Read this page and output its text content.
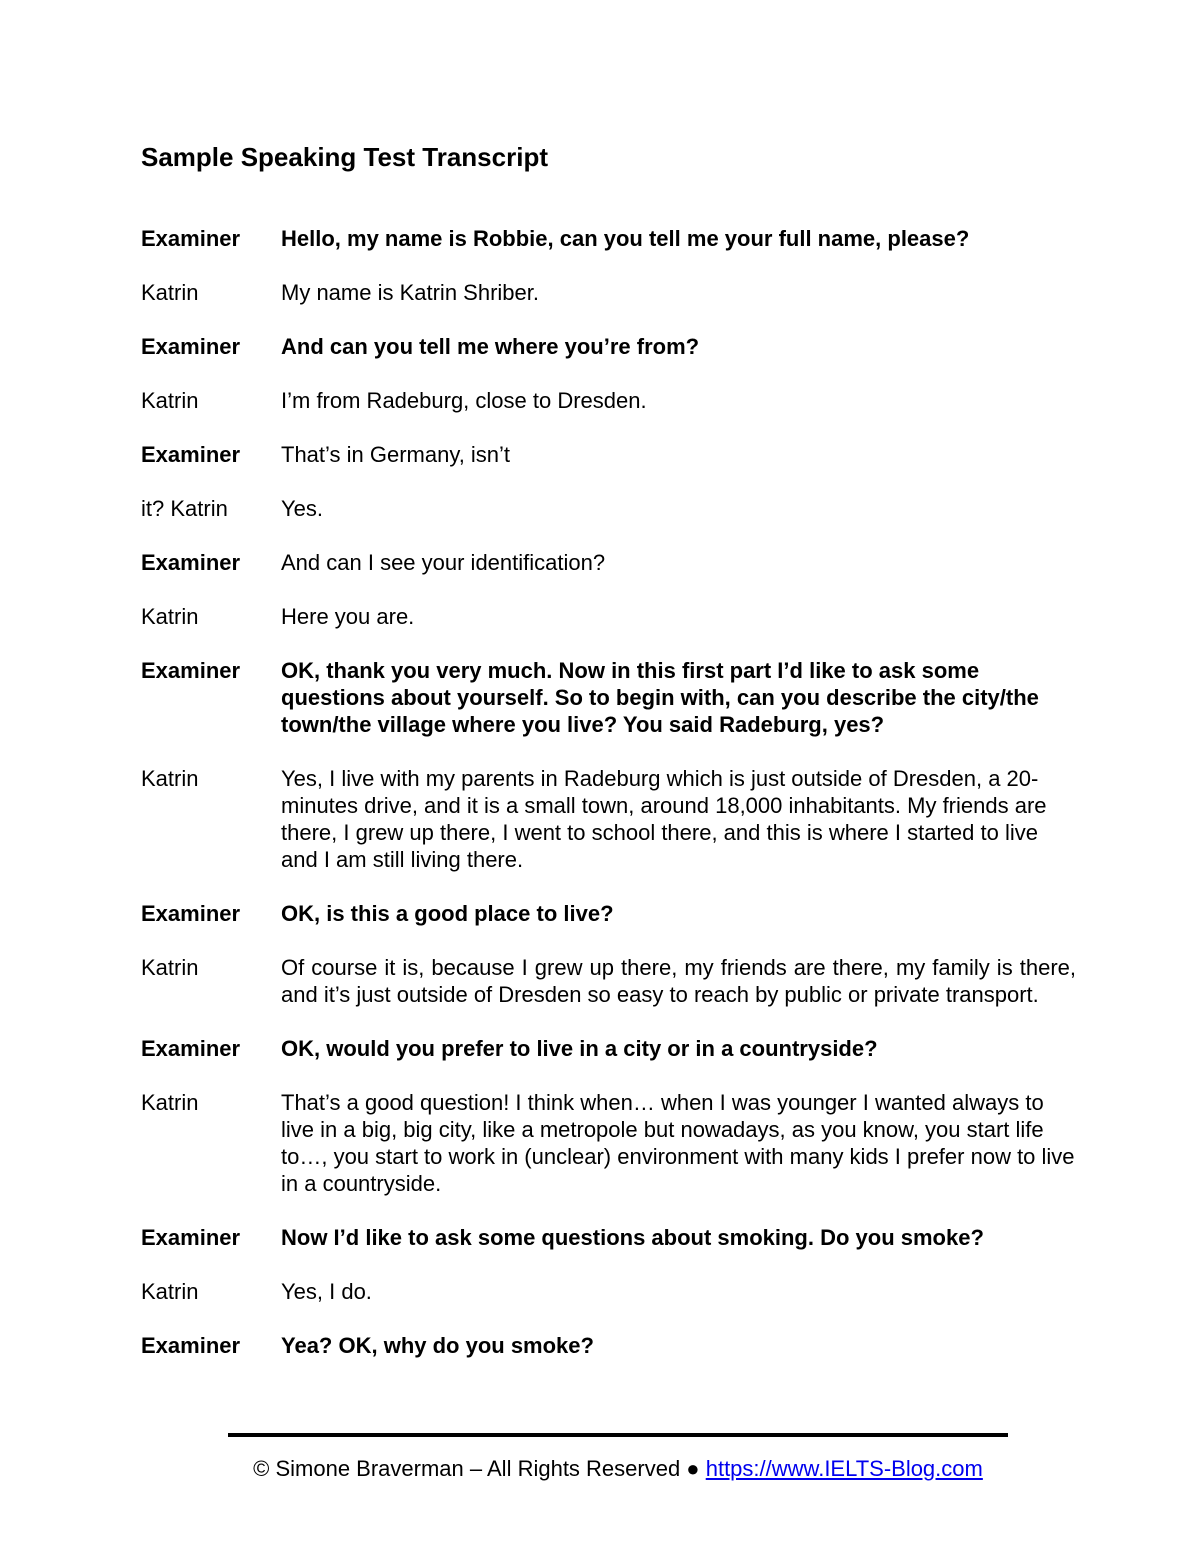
Sample Speaking Test Transcript
Examiner	Hello, my name is Robbie, can you tell me your full name, please?
Katrin	My name is Katrin Shriber.
Examiner	And can you tell me where you’re from?
Katrin	I’m from Radeburg, close to Dresden.
Examiner	That’s in Germany, isn’t
it? Katrin	Yes.
Examiner	And can I see your identification?
Katrin	Here you are.
Examiner	OK, thank you very much. Now in this first part I’d like to ask some questions about yourself. So to begin with, can you describe the city/the town/the village where you live? You said Radeburg, yes?
Katrin	Yes, I live with my parents in Radeburg which is just outside of Dresden, a 20-minutes drive, and it is a small town, around 18,000 inhabitants. My friends are there, I grew up there, I went to school there, and this is where I started to live and I am still living there.
Examiner	OK, is this a good place to live?
Katrin	Of course it is, because I grew up there, my friends are there, my family is there, and it’s just outside of Dresden so easy to reach by public or private transport.
Examiner	OK, would you prefer to live in a city or in a countryside?
Katrin	That’s a good question! I think when… when I was younger I wanted always to live in a big, big city, like a metropole but nowadays, as you know, you start life to…, you start to work in (unclear) environment with many kids I prefer now to live in a countryside.
Examiner	Now I’d like to ask some questions about smoking. Do you smoke?
Katrin	Yes, I do.
Examiner	Yea? OK, why do you smoke?
© Simone Braverman – All Rights Reserved ● https://www.IELTS-Blog.com
